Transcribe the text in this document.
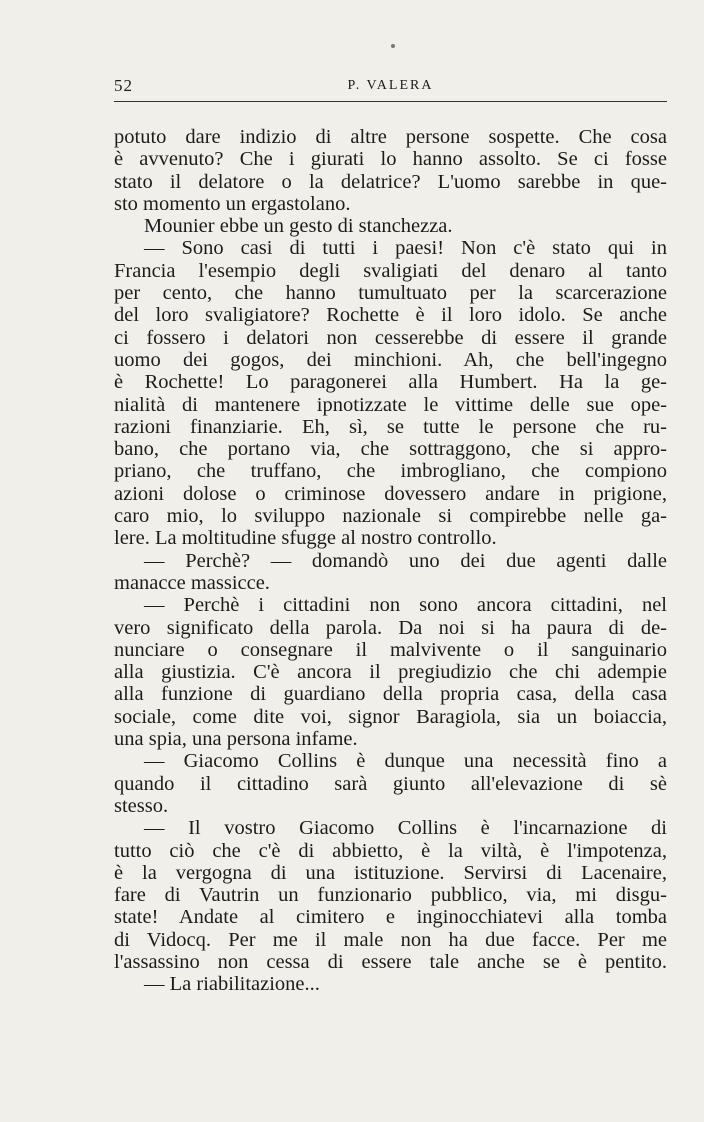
52	P. VALERA
potuto dare indizio di altre persone sospette. Che cosa
è avvenuto? Che i giurati lo hanno assolto. Se ci fosse
stato il delatore o la delatrice? L'uomo sarebbe in que-
sto momento un ergastolano.
Mounier ebbe un gesto di stanchezza.
— Sono casi di tutti i paesi! Non c'è stato qui in
Francia l'esempio degli svaligiati del denaro al tanto
per cento, che hanno tumultuato per la scarcerazione
del loro svaligiatore? Rochette è il loro idolo. Se anche
ci fossero i delatori non cesserebbe di essere il grande
uomo dei gogos, dei minchioni. Ah, che bell'ingegno
è Rochette! Lo paragonerei alla Humbert. Ha la ge-
nialità di mantenere ipnotizzate le vittime delle sue ope-
razioni finanziarie. Eh, sì, se tutte le persone che ru-
bano, che portano via, che sottraggono, che si appro-
priano, che truffano, che imbrogliano, che compiono
azioni dolose o criminose dovessero andare in prigione,
caro mio, lo sviluppo nazionale si compirebbe nelle ga-
lere. La moltitudine sfugge al nostro controllo.
— Perchè? — domandò uno dei due agenti dalle
manacce massicce.
— Perchè i cittadini non sono ancora cittadini, nel
vero significato della parola. Da noi si ha paura di de-
nunciare o consegnare il malvivente o il sanguinario
alla giustizia. C'è ancora il pregiudizio che chi adempie
alla funzione di guardiano della propria casa, della casa
sociale, come dite voi, signor Baragiola, sia un boiaccia,
una spia, una persona infame.
— Giacomo Collins è dunque una necessità fino a
quando il cittadino sarà giunto all'elevazione di sè
stesso.
— Il vostro Giacomo Collins è l'incarnazione di
tutto ciò che c'è di abbietto, è la viltà, è l'impotenza,
è la vergogna di una istituzione. Servirsi di Lacenaire,
fare di Vautrin un funzionario pubblico, via, mi disgu-
state! Andate al cimitero e inginocchiatevi alla tomba
di Vidocq. Per me il male non ha due facce. Per me
l'assassino non cessa di essere tale anche se è pentito.
— La riabilitazione...
